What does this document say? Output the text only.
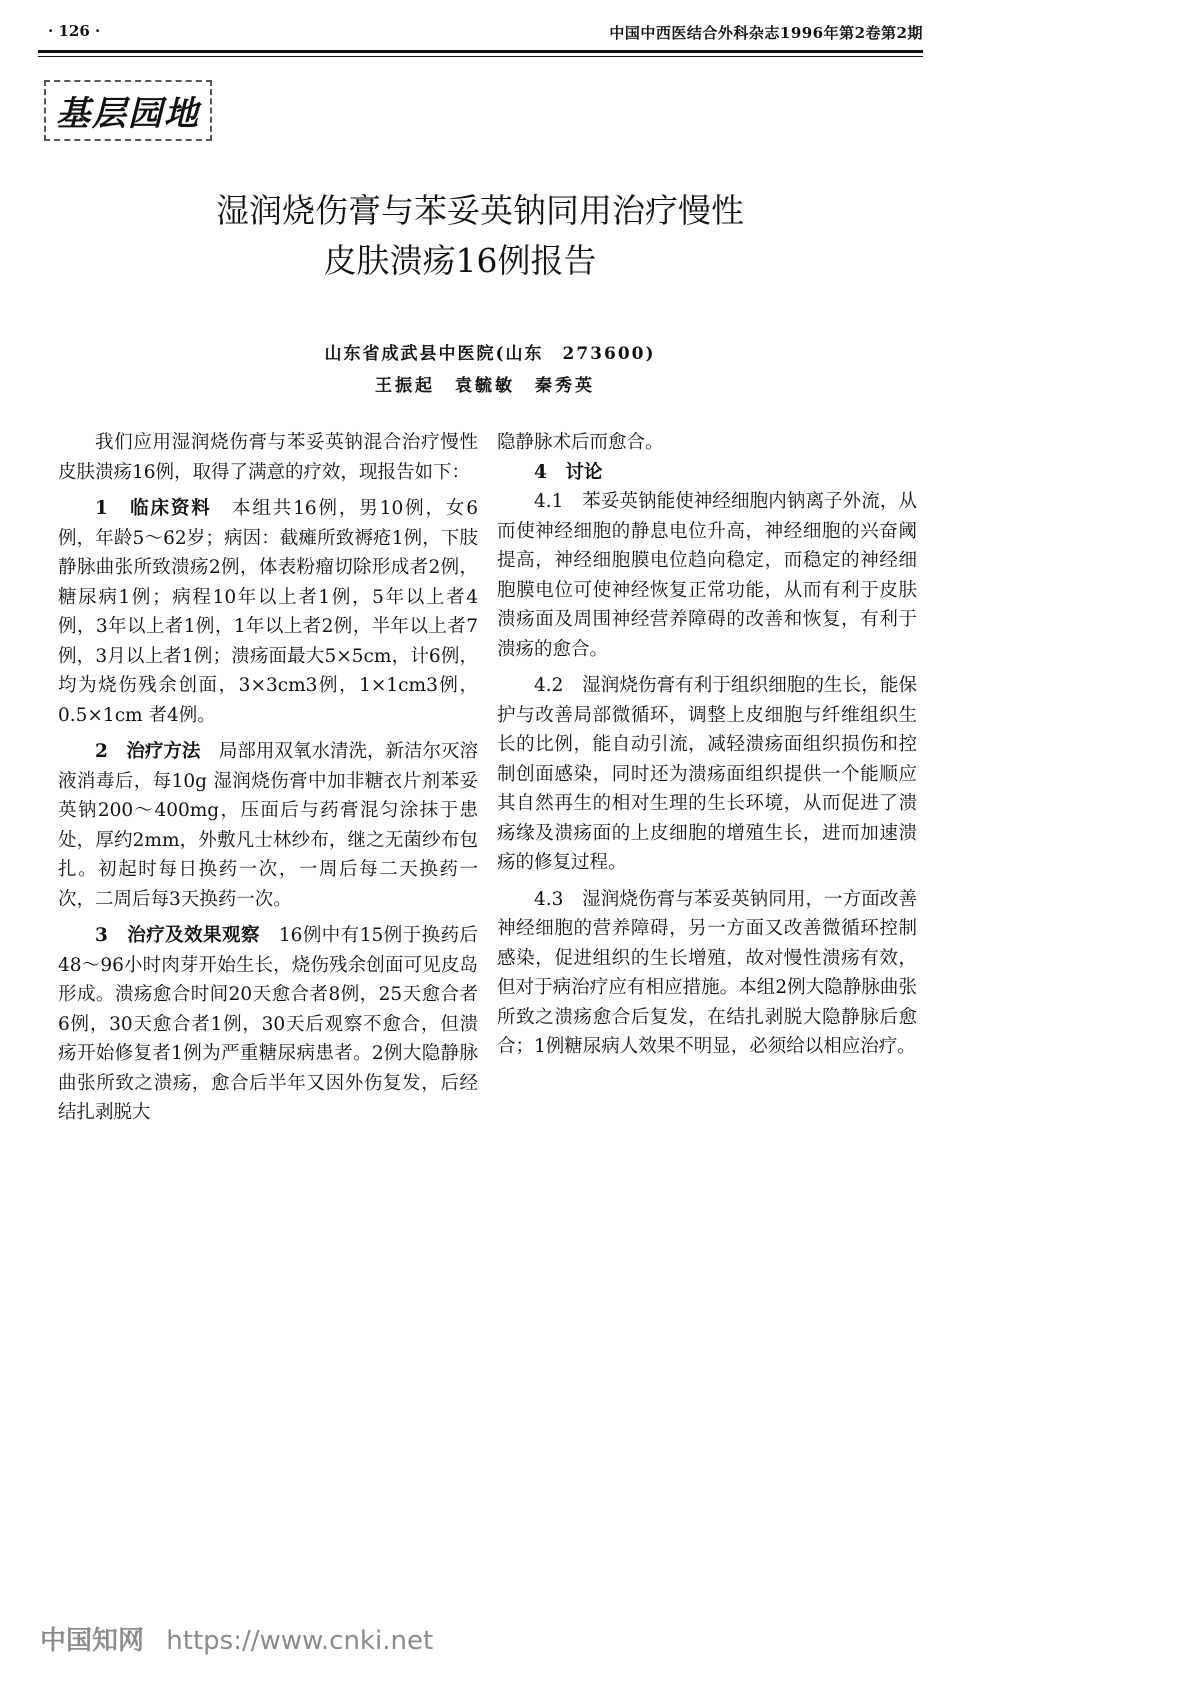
· 126 ·	中国中西医结合外科杂志1996年第2卷第2期
基层园地
湿润烧伤膏与苯妥英钠同用治疗慢性
皮肤溃疡16例报告
山东省成武县中医院(山东　273600)
王振起　袁毓敏　秦秀英

我们应用湿润烧伤膏与苯妥英钠混合治疗慢性皮肤溃疡16例，取得了满意的疗效，现报告如下：

1　临床资料　 本组共16例，男10例，女6例，年龄5～62岁；病因：截瘫所致褥疮1例，下肢静脉曲张所致溃疡2例，体表粉瘤切除形成者2例，糖尿病1例；病程10年以上者1例，5年以上者4例，3年以上者1例，1年以上者2例，半年以上者7例，3月以上者1例；溃疡面最大5×5cm，计6例，均为烧伤残余创面，3×3cm3例，1×1cm3例，0.5×1cm 者4例。

2　治疗方法　 局部用双氧水清洗，新洁尔灭溶液消毒后，每10g 湿润烧伤膏中加非糖衣片剂苯妥英钠200～400mg，压面后与药膏混匀涂抹于患处，厚约2mm，外敷凡士林纱布，继之无菌纱布包扎。初起时每日换药一次，一周后每二天换药一次，二周后每3天换药一次。

3　治疗及效果观察　 16例中有15例于换药后48～96小时肉芽开始生长，烧伤残余创面可见皮岛形成。溃疡愈合时间20天愈合者8例，25天愈合者6例，30天愈合者1例，30天后观察不愈合，但溃疡开始修复者1例为严重糖尿病患者。2例大隐静脉曲张所致之溃疡，愈合后半年又因外伤复发，后经结扎剥脱大

隐静脉术后而愈合。

4　讨论

4.1　苯妥英钠能使神经细胞内钠离子外流，从而使神经细胞的静息电位升高，神经细胞的兴奋阈提高，神经细胞膜电位趋向稳定，而稳定的神经细胞膜电位可使神经恢复正常功能，从而有利于皮肤溃疡面及周围神经营养障碍的改善和恢复，有利于溃疡的愈合。

4.2　湿润烧伤膏有利于组织细胞的生长，能保护与改善局部微循环，调整上皮细胞与纤维组织生长的比例，能自动引流，减轻溃疡面组织损伤和控制创面感染，同时还为溃疡面组织提供一个能顺应其自然再生的相对生理的生长环境，从而促进了溃疡缘及溃疡面的上皮细胞的增殖生长，进而加速溃疡的修复过程。

4.3　湿润烧伤膏与苯妥英钠同用，一方面改善神经细胞的营养障碍，另一方面又改善微循环控制感染，促进组织的生长增殖，故对慢性溃疡有效，但对于病治疗应有相应措施。本组2例大隐静脉曲张所致之溃疡愈合后复发，在结扎剥脱大隐静脉后愈合；1例糖尿病人效果不明显，必须给以相应治疗。

中国知网 https://www.cnki.net
